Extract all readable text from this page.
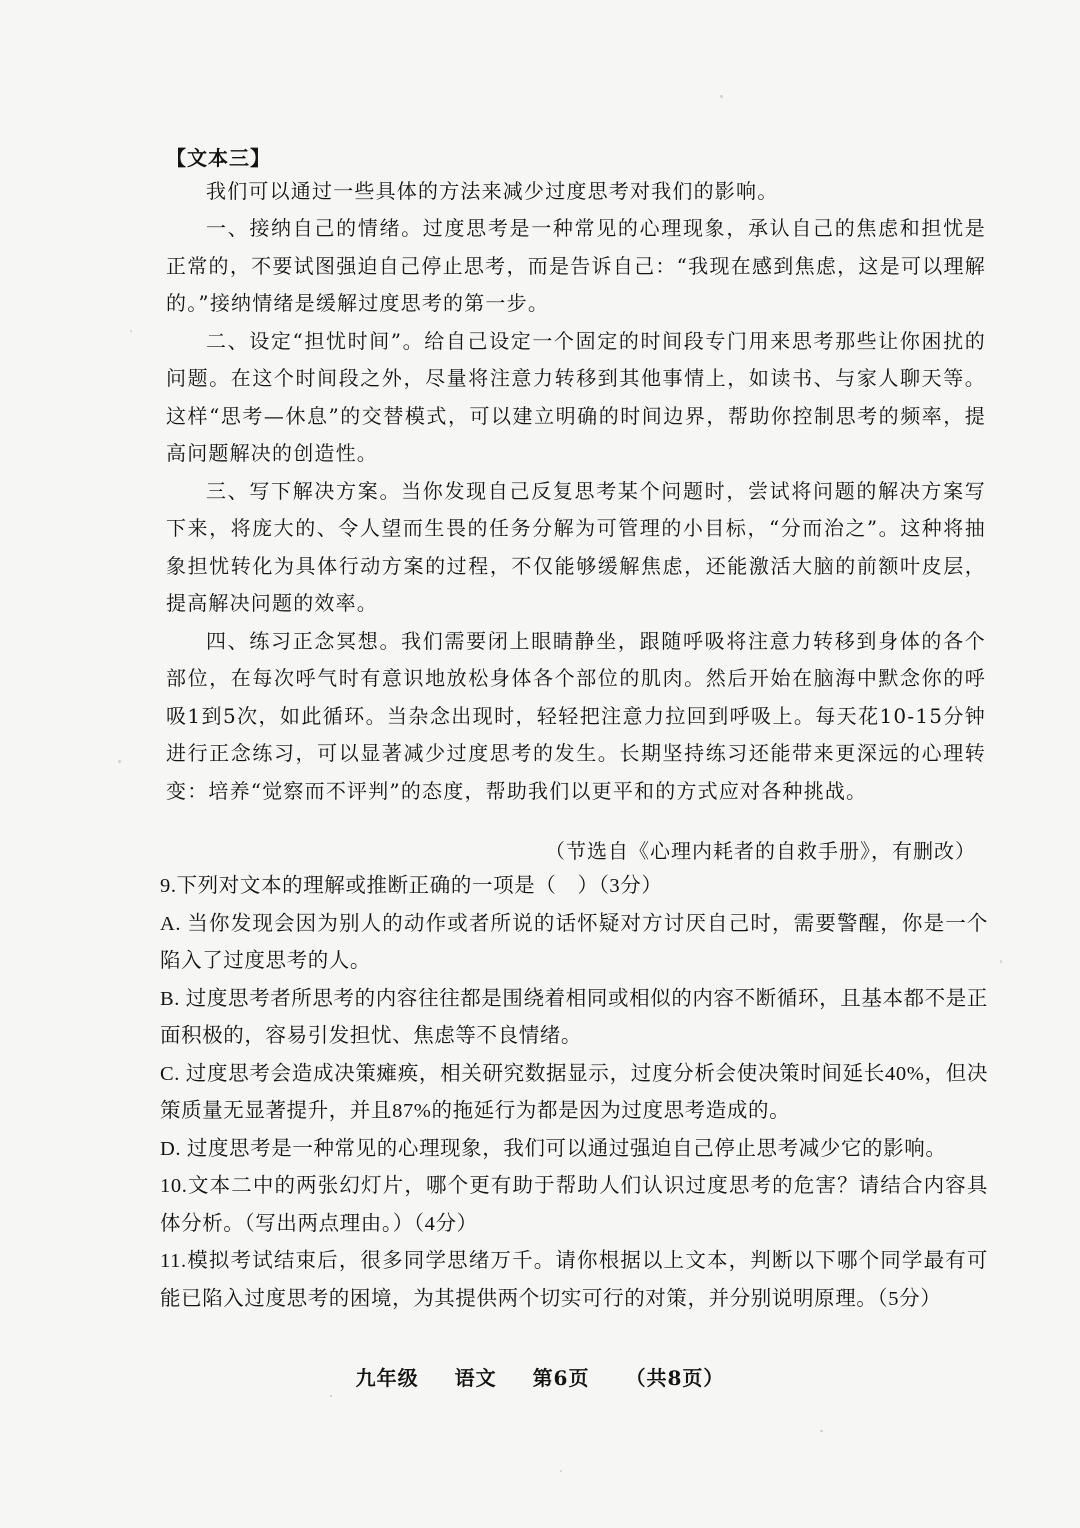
【文本三】

我们可以通过一些具体的方法来减少过度思考对我们的影响。

一、接纳自己的情绪。过度思考是一种常见的心理现象，承认自己的焦虑和担忧是正常的，不要试图强迫自己停止思考，而是告诉自己：“我现在感到焦虑，这是可以理解的。”接纳情绪是缓解过度思考的第一步。

二、设定“担忧时间”。给自己设定一个固定的时间段专门用来思考那些让你困扰的问题。在这个时间段之外，尽量将注意力转移到其他事情上，如读书、与家人聊天等。这样“思考—休息”的交替模式，可以建立明确的时间边界，帮助你控制思考的频率，提高问题解决的创造性。

三、写下解决方案。当你发现自己反复思考某个问题时，尝试将问题的解决方案写下来，将庞大的、令人望而生畏的任务分解为可管理的小目标，“分而治之”。这种将抽象担忧转化为具体行动方案的过程，不仅能够缓解焦虑，还能激活大脑的前额叶皮层，提高解决问题的效率。

四、练习正念冥想。我们需要闭上眼睛静坐，跟随呼吸将注意力转移到身体的各个部位，在每次呼气时有意识地放松身体各个部位的肌肉。然后开始在脑海中默念你的呼吸1到5次，如此循环。当杂念出现时，轻轻把注意力拉回到呼吸上。每天花10-15分钟进行正念练习，可以显著减少过度思考的发生。长期坚持练习还能带来更深远的心理转变：培养“觉察而不评判”的态度，帮助我们以更平和的方式应对各种挑战。

（节选自《心理内耗者的自救手册》，有删改）

9.下列对文本的理解或推断正确的一项是（　）（3分）

A. 当你发现会因为别人的动作或者所说的话怀疑对方讨厌自己时，需要警醒，你是一个陷入了过度思考的人。

B. 过度思考者所思考的内容往往都是围绕着相同或相似的内容不断循环，且基本都不是正面积极的，容易引发担忧、焦虑等不良情绪。

C. 过度思考会造成决策瘫痪，相关研究数据显示，过度分析会使决策时间延长40%，但决策质量无显著提升，并且87%的拖延行为都是因为过度思考造成的。

D. 过度思考是一种常见的心理现象，我们可以通过强迫自己停止思考减少它的影响。

10.文本二中的两张幻灯片，哪个更有助于帮助人们认识过度思考的危害？请结合内容具体分析。（写出两点理由。）（4分）

11.模拟考试结束后，很多同学思绪万千。请你根据以上文本，判断以下哪个同学最有可能已陷入过度思考的困境，为其提供两个切实可行的对策，并分别说明原理。（5分）

九年级 语文 第6页 （共8页）
